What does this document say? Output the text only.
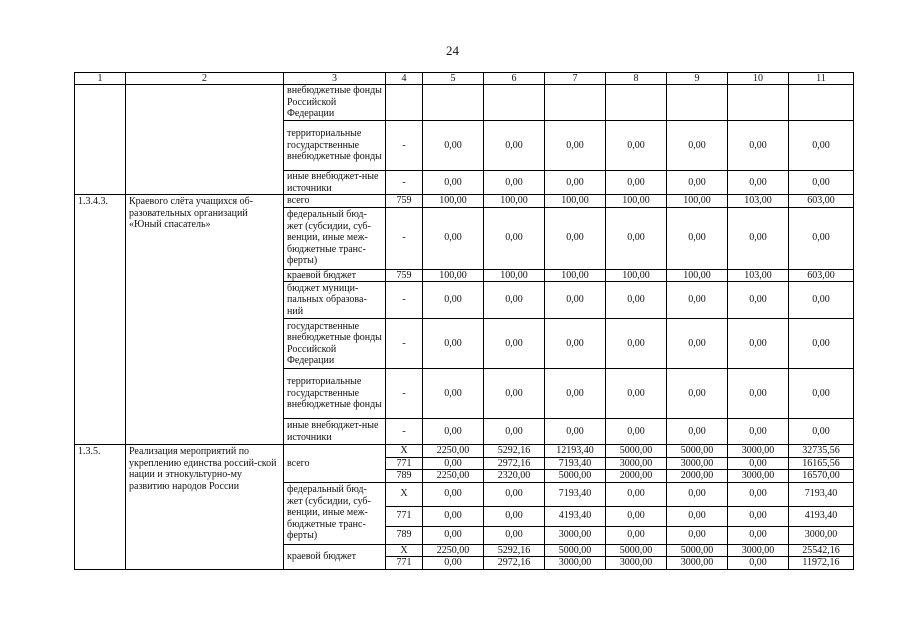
24
1	2	3	4	5	6	7	8	9	10	11
		внебюджетные фонды Российской Федерации								
		территориальные государственные внебюджетные фонды	-	0,00	0,00	0,00	0,00	0,00	0,00	0,00
		иные внебюджет-ные источники	-	0,00	0,00	0,00	0,00	0,00	0,00	0,00
1.3.4.3.	Краевого слёта учащихся об-разовательных организаций «Юный спасатель»	всего	759	100,00	100,00	100,00	100,00	100,00	103,00	603,00
		федеральный бюд-жет (субсидии, суб-венции, иные меж-бюджетные транс-ферты)	-	0,00	0,00	0,00	0,00	0,00	0,00	0,00
		краевой бюджет	759	100,00	100,00	100,00	100,00	100,00	103,00	603,00
		бюджет муници-пальных образова-ний	-	0,00	0,00	0,00	0,00	0,00	0,00	0,00
		государственные внебюджетные фонды Российской Федерации	-	0,00	0,00	0,00	0,00	0,00	0,00	0,00
		территориальные государственные внебюджетные фонды	-	0,00	0,00	0,00	0,00	0,00	0,00	0,00
		иные внебюджет-ные источники	-	0,00	0,00	0,00	0,00	0,00	0,00	0,00
1.3.5.	Реализация мероприятий по укреплению единства россий-ской нации и этнокультурно-му развитию народов России	всего	Х	2250,00	5292,16	12193,40	5000,00	5000,00	3000,00	32735,56
			771	0,00	2972,16	7193,40	3000,00	3000,00	0,00	16165,56
			789	2250,00	2320,00	5000,00	2000,00	2000,00	3000,00	16570,00
		федеральный бюд-жет (субсидии, суб-венции, иные меж-бюджетные транс-ферты)	Х	0,00	0,00	7193,40	0,00	0,00	0,00	7193,40
			771	0,00	0,00	4193,40	0,00	0,00	0,00	4193,40
			789	0,00	0,00	3000,00	0,00	0,00	0,00	3000,00
		краевой бюджет	Х	2250,00	5292,16	5000,00	5000,00	5000,00	3000,00	25542,16
			771	0,00	2972,16	3000,00	3000,00	3000,00	0,00	11972,16
